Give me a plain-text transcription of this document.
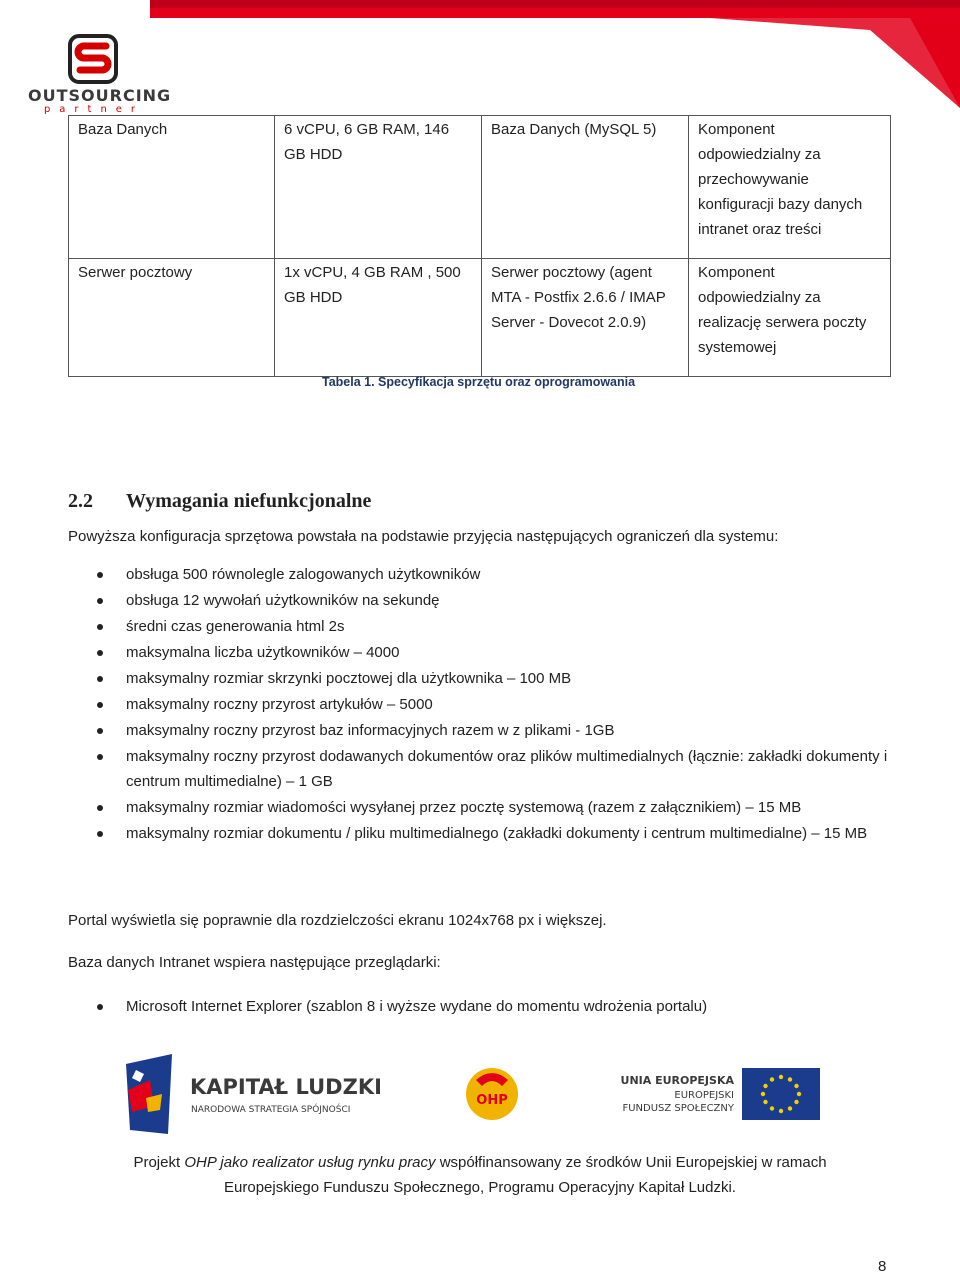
OUTSOURCING
partner
Baza Danych	6 vCPU, 6 GB RAM, 146 GB HDD	Baza Danych (MySQL 5)	Komponent odpowiedzialny za przechowywanie konfiguracji bazy danych intranet oraz treści
Serwer pocztowy	1x vCPU, 4 GB RAM , 500 GB HDD	Serwer pocztowy (agent MTA - Postfix 2.6.6 / IMAP Server - Dovecot 2.0.9)	Komponent odpowiedzialny za realizację serwera poczty systemowej
Tabela 1. Specyfikacja sprzętu oraz oprogramowania
2.2 Wymagania niefunkcjonalne
Powyższa konfiguracja sprzętowa powstała na podstawie przyjęcia następujących ograniczeń dla systemu:
obsługa 500 równolegle zalogowanych użytkowników
obsługa 12 wywołań użytkowników na sekundę
średni czas generowania html 2s
maksymalna liczba użytkowników – 4000
maksymalny rozmiar skrzynki pocztowej dla użytkownika – 100 MB
maksymalny roczny przyrost artykułów – 5000
maksymalny roczny przyrost baz informacyjnych razem w z plikami - 1GB
maksymalny roczny przyrost dodawanych dokumentów oraz plików multimedialnych (łącznie: zakładki dokumenty i centrum multimedialne) – 1 GB
maksymalny rozmiar wiadomości wysyłanej przez pocztę systemową (razem z załącznikiem) – 15 MB
maksymalny rozmiar dokumentu / pliku multimedialnego (zakładki dokumenty i centrum multimedialne) – 15 MB
Portal wyświetla się poprawnie dla rozdzielczości ekranu 1024x768 px i większej.
Baza danych Intranet wspiera następujące przeglądarki:
Microsoft Internet Explorer (szablon 8 i wyższe wydane do momentu wdrożenia portalu)
KAPITAŁ LUDZKI
NARODOWA STRATEGIA SPÓJNOŚCI
OHP
UNIA EUROPEJSKA
EUROPEJSKI
FUNDUSZ SPOŁECZNY
Projekt OHP jako realizator usług rynku pracy współfinansowany ze środków Unii Europejskiej w ramach
Europejskiego Funduszu Społecznego, Programu Operacyjny Kapitał Ludzki.
8
